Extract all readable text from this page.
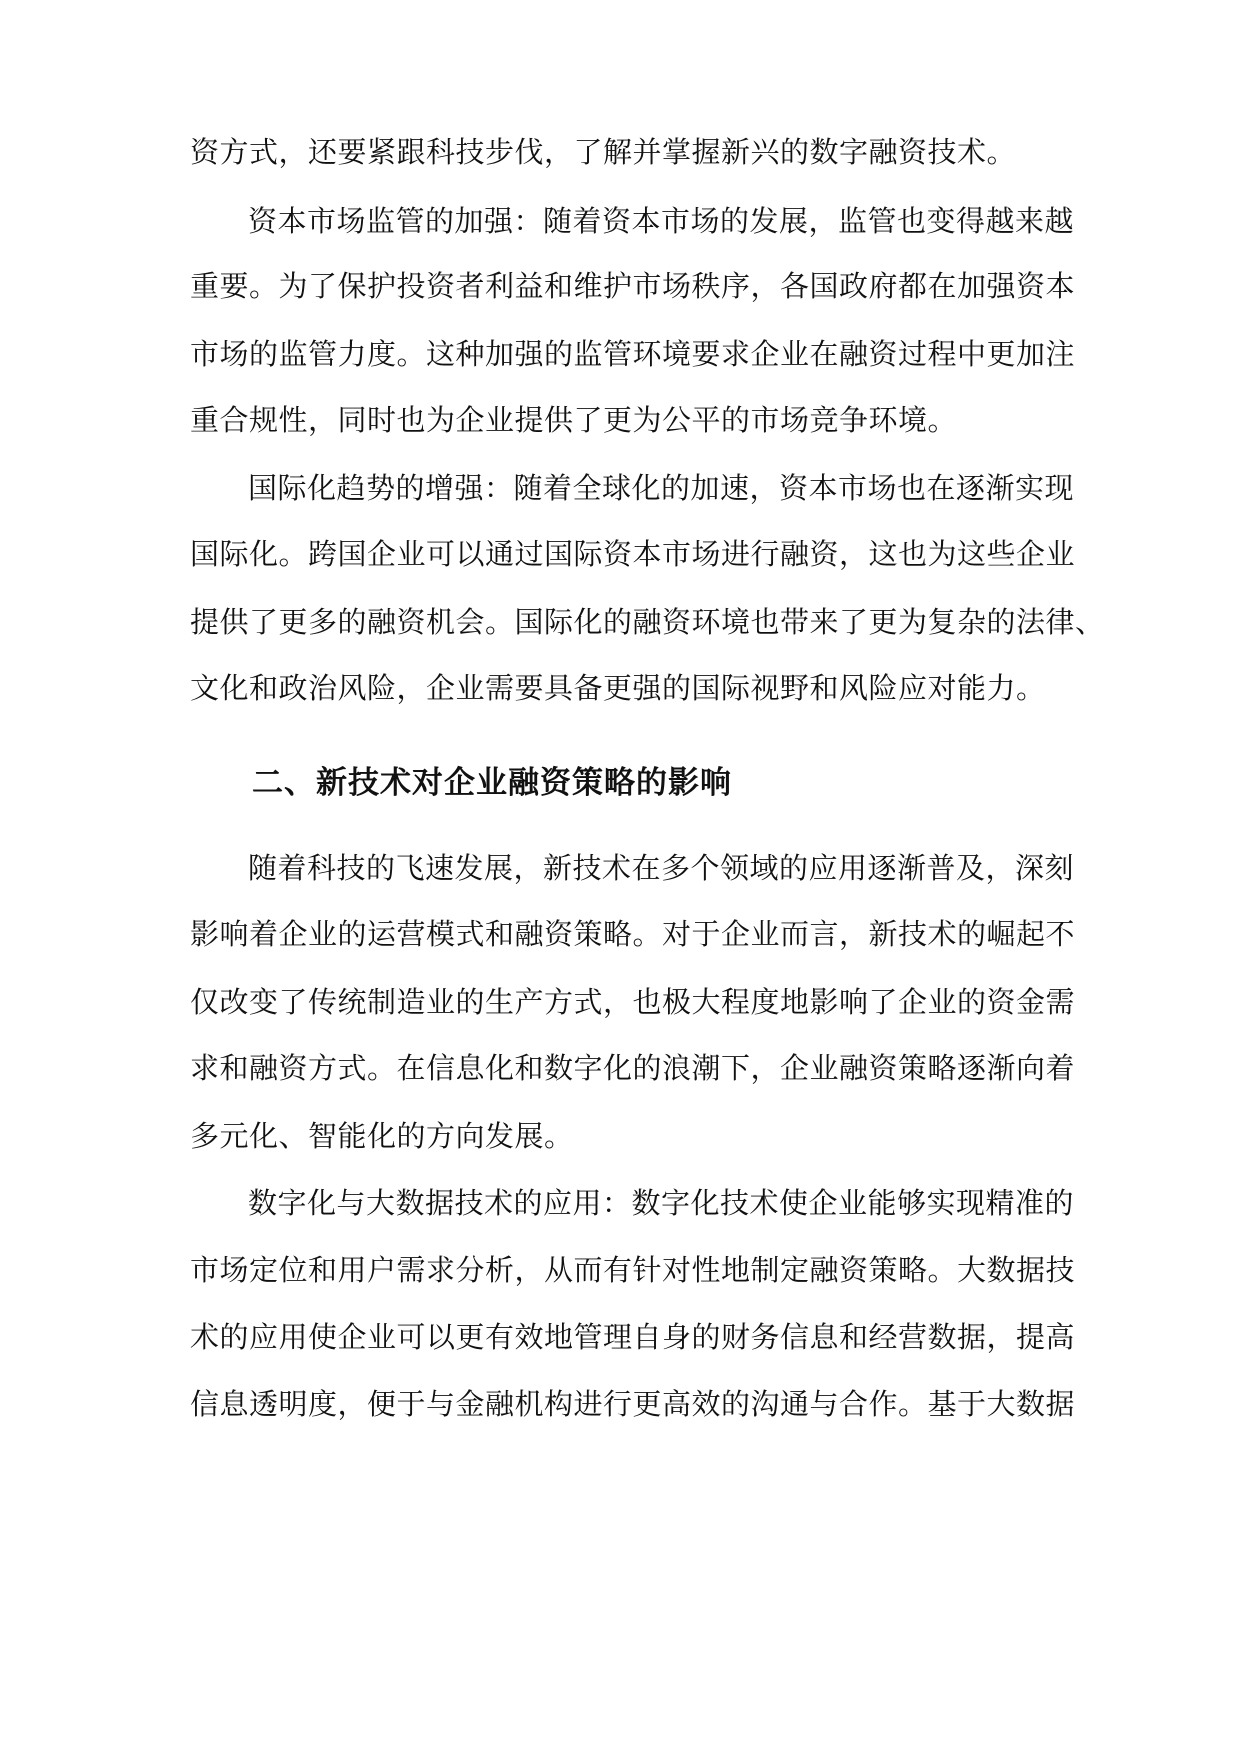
资方式，还要紧跟科技步伐，了解并掌握新兴的数字融资技术。
资本市场监管的加强：随着资本市场的发展，监管也变得越来越
重要。为了保护投资者利益和维护市场秩序，各国政府都在加强资本
市场的监管力度。这种加强的监管环境要求企业在融资过程中更加注
重合规性，同时也为企业提供了更为公平的市场竞争环境。
国际化趋势的增强：随着全球化的加速，资本市场也在逐渐实现
国际化。跨国企业可以通过国际资本市场进行融资，这也为这些企业
提供了更多的融资机会。国际化的融资环境也带来了更为复杂的法律、
文化和政治风险，企业需要具备更强的国际视野和风险应对能力。
二、新技术对企业融资策略的影响
随着科技的飞速发展，新技术在多个领域的应用逐渐普及，深刻
影响着企业的运营模式和融资策略。对于企业而言，新技术的崛起不
仅改变了传统制造业的生产方式，也极大程度地影响了企业的资金需
求和融资方式。在信息化和数字化的浪潮下，企业融资策略逐渐向着
多元化、智能化的方向发展。
数字化与大数据技术的应用：数字化技术使企业能够实现精准的
市场定位和用户需求分析，从而有针对性地制定融资策略。大数据技
术的应用使企业可以更有效地管理自身的财务信息和经营数据，提高
信息透明度，便于与金融机构进行更高效的沟通与合作。基于大数据
